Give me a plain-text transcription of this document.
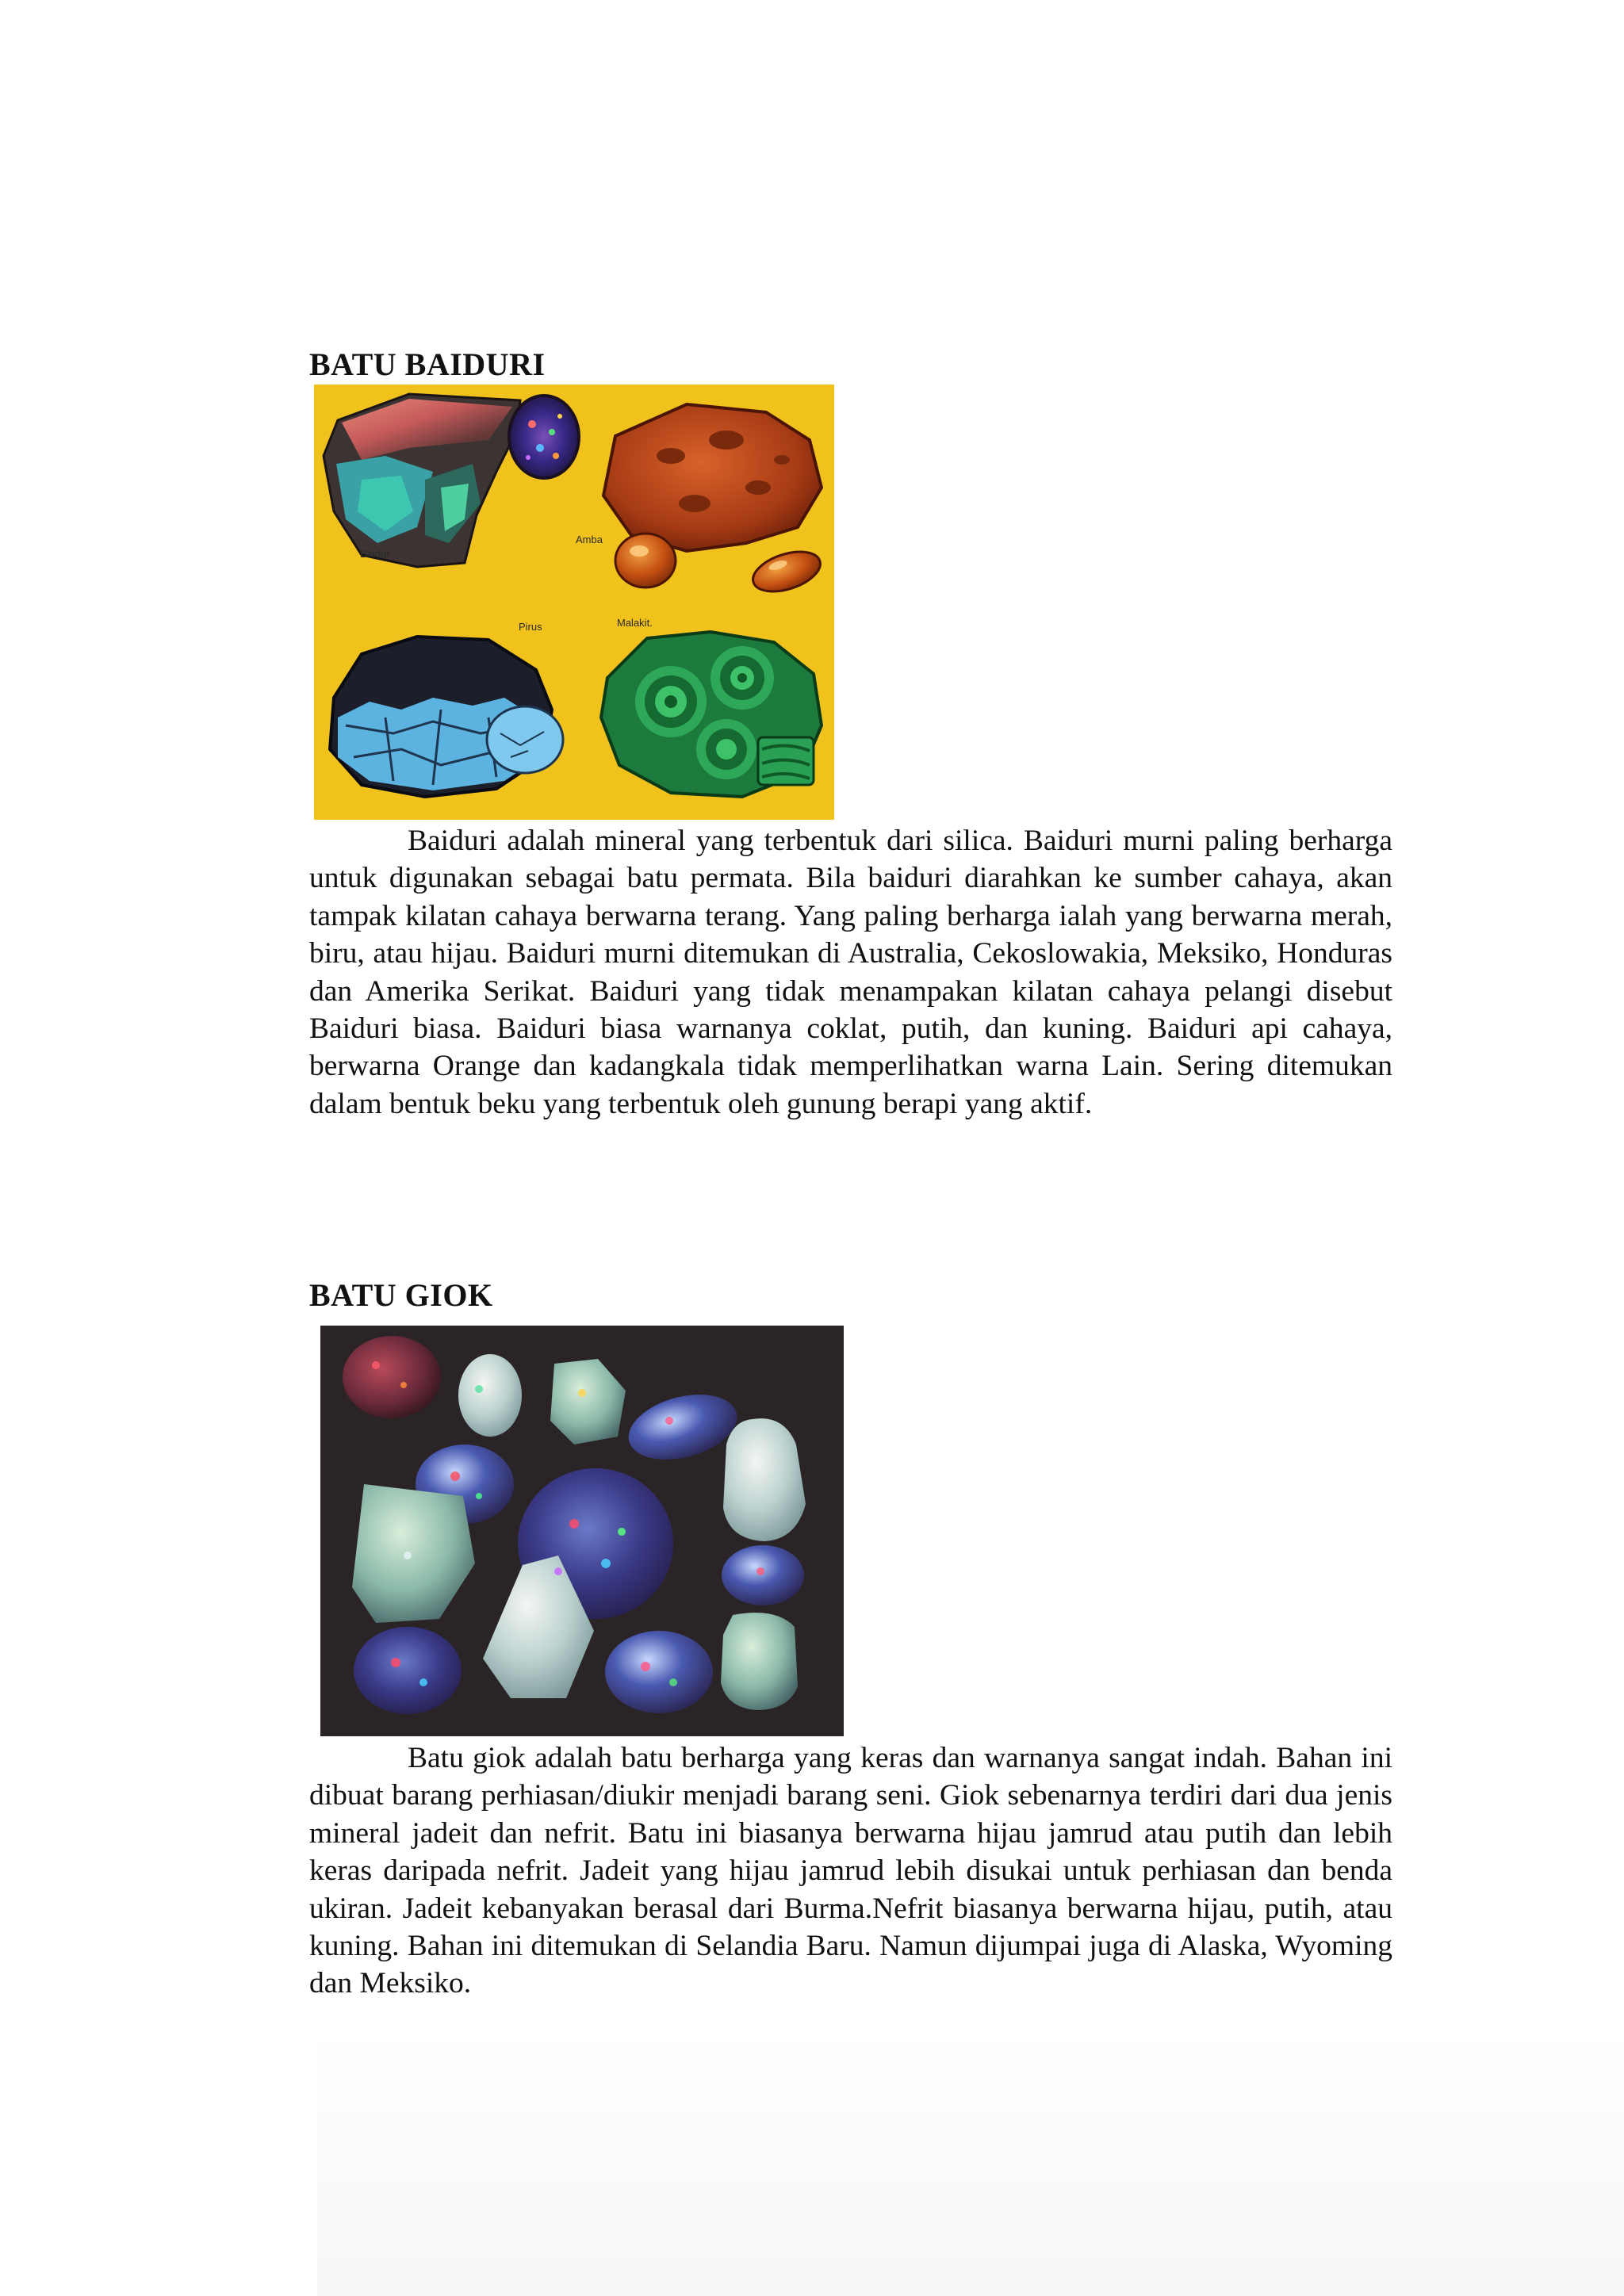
BATU BAIDURI
Baidur
Amba
Pirus	Malakit.

Baiduri adalah mineral yang terbentuk dari silica. Baiduri murni paling berharga untuk digunakan sebagai batu permata. Bila baiduri diarahkan ke sumber cahaya, akan tampak kilatan cahaya berwarna terang. Yang paling berharga ialah yang berwarna merah, biru, atau hijau. Baiduri murni ditemukan di Australia, Cekoslowakia, Meksiko, Honduras dan Amerika Serikat. Baiduri yang tidak menampakan kilatan cahaya pelangi disebut Baiduri biasa. Baiduri biasa warnanya coklat, putih, dan kuning. Baiduri api cahaya, berwarna Orange dan kadangkala tidak memperlihatkan warna Lain. Sering ditemukan dalam bentuk beku yang terbentuk oleh gunung berapi yang aktif.

BATU GIOK

Batu giok adalah batu berharga yang keras dan warnanya sangat indah. Bahan ini dibuat barang perhiasan/diukir menjadi barang seni. Giok sebenarnya terdiri dari dua jenis mineral jadeit dan nefrit. Batu ini biasanya berwarna hijau jamrud atau putih dan lebih keras daripada nefrit. Jadeit yang hijau jamrud lebih disukai untuk perhiasan dan benda ukiran. Jadeit kebanyakan berasal dari Burma.Nefrit biasanya berwarna hijau, putih, atau kuning. Bahan ini ditemukan di Selandia Baru. Namun dijumpai juga di Alaska, Wyoming dan Meksiko.
